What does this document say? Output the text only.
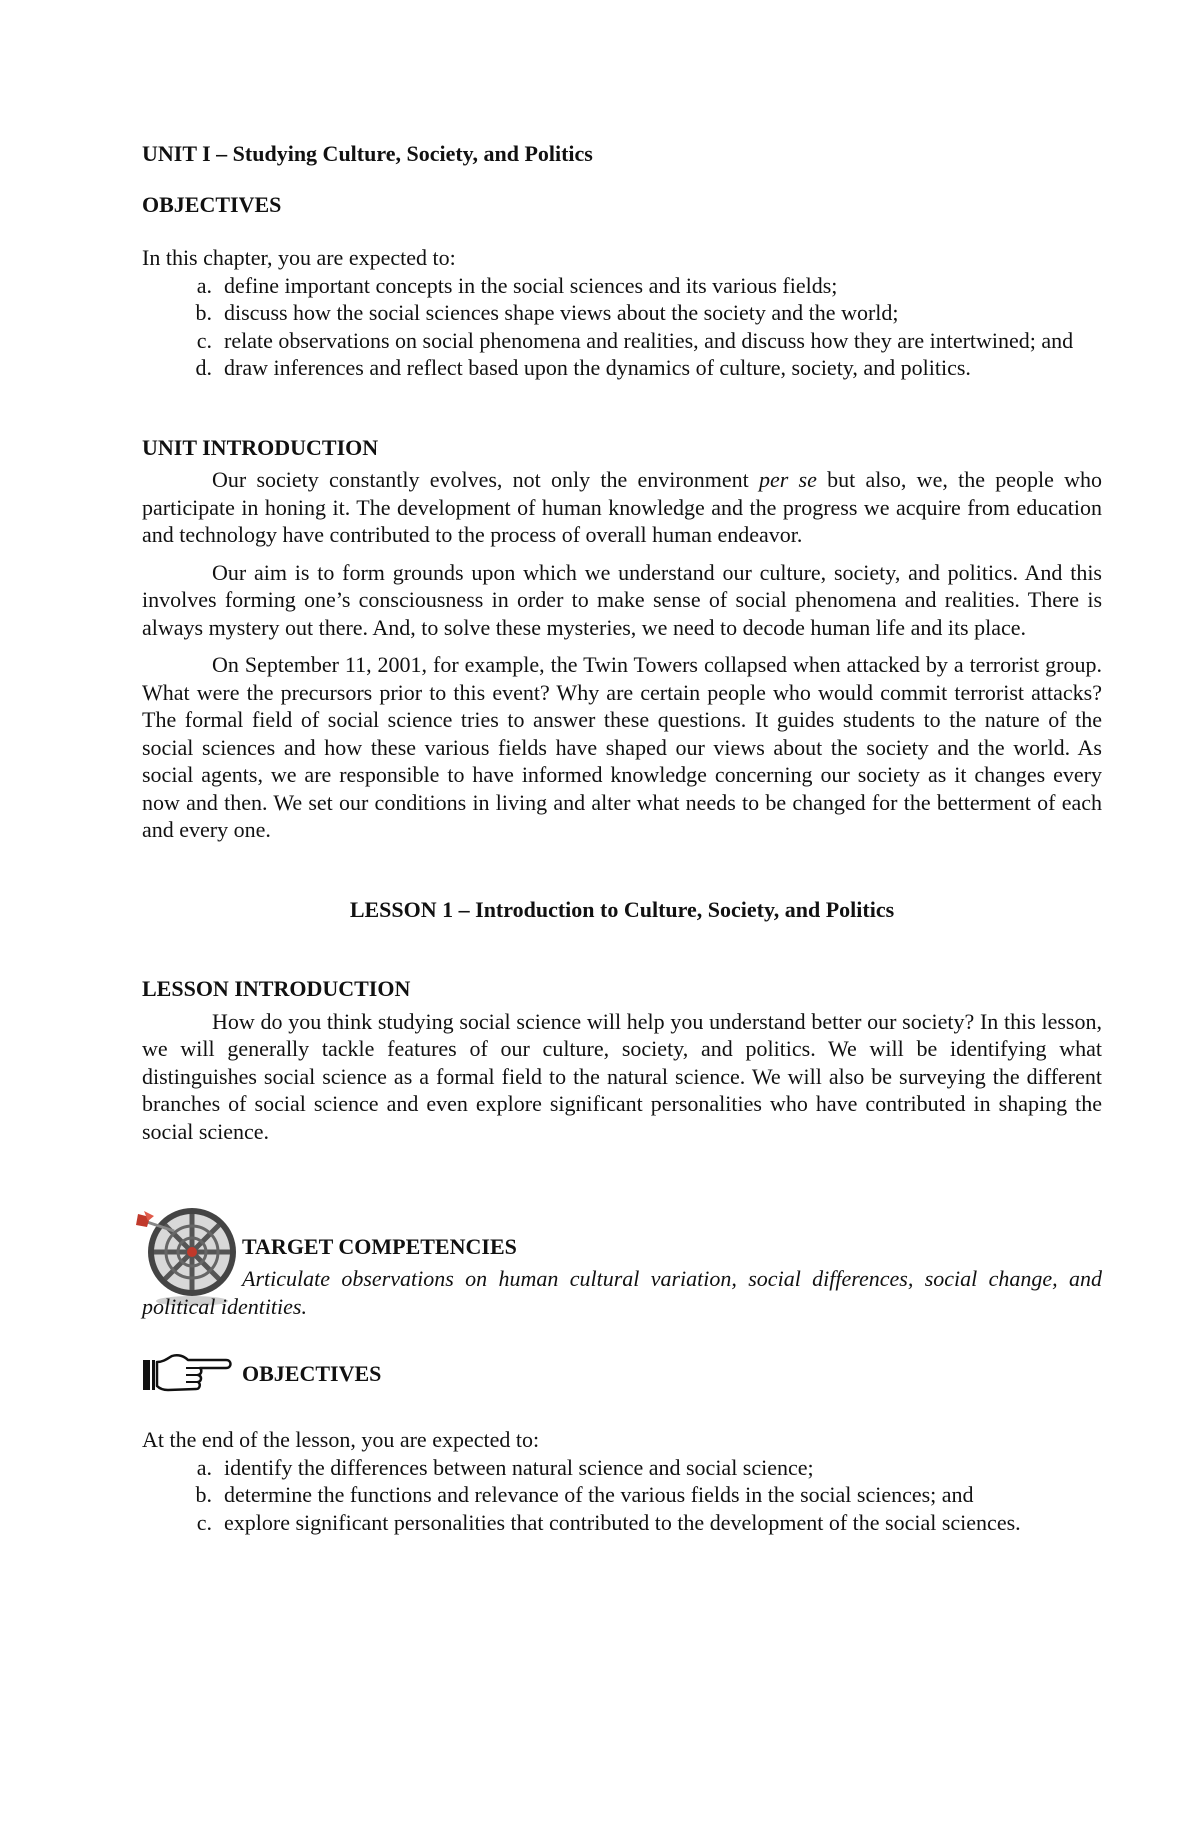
UNIT I – Studying Culture, Society, and Politics
OBJECTIVES

In this chapter, you are expected to:

a. define important concepts in the social sciences and its various fields;
b. discuss how the social sciences shape views about the society and the world;
c. relate observations on social phenomena and realities, and discuss how they are intertwined; and
d. draw inferences and reflect based upon the dynamics of culture, society, and politics.
UNIT INTRODUCTION

Our society constantly evolves, not only the environment per se but also, we, the people who participate in honing it. The development of human knowledge and the progress we acquire from education and technology have contributed to the process of overall human endeavor.

Our aim is to form grounds upon which we understand our culture, society, and politics. And this involves forming one’s consciousness in order to make sense of social phenomena and realities. There is always mystery out there. And, to solve these mysteries, we need to decode human life and its place.

On September 11, 2001, for example, the Twin Towers collapsed when attacked by a terrorist group. What were the precursors prior to this event? Why are certain people who would commit terrorist attacks? The formal field of social science tries to answer these questions. It guides students to the nature of the social sciences and how these various fields have shaped our views about the society and the world. As social agents, we are responsible to have informed knowledge concerning our society as it changes every now and then. We set our conditions in living and alter what needs to be changed for the betterment of each and every one.

LESSON 1 – Introduction to Culture, Society, and Politics
LESSON INTRODUCTION

How do you think studying social science will help you understand better our society? In this lesson, we will generally tackle features of our culture, society, and politics. We will be identifying what distinguishes social science as a formal field to the natural science. We will also be surveying the different branches of social science and even explore significant personalities who have contributed in shaping the social science.

TARGET COMPETENCIES

Articulate observations on human cultural variation, social differences, social change, and political identities.

OBJECTIVES

At the end of the lesson, you are expected to:

a. identify the differences between natural science and social science;
b. determine the functions and relevance of the various fields in the social sciences; and
c. explore significant personalities that contributed to the development of the social sciences.
